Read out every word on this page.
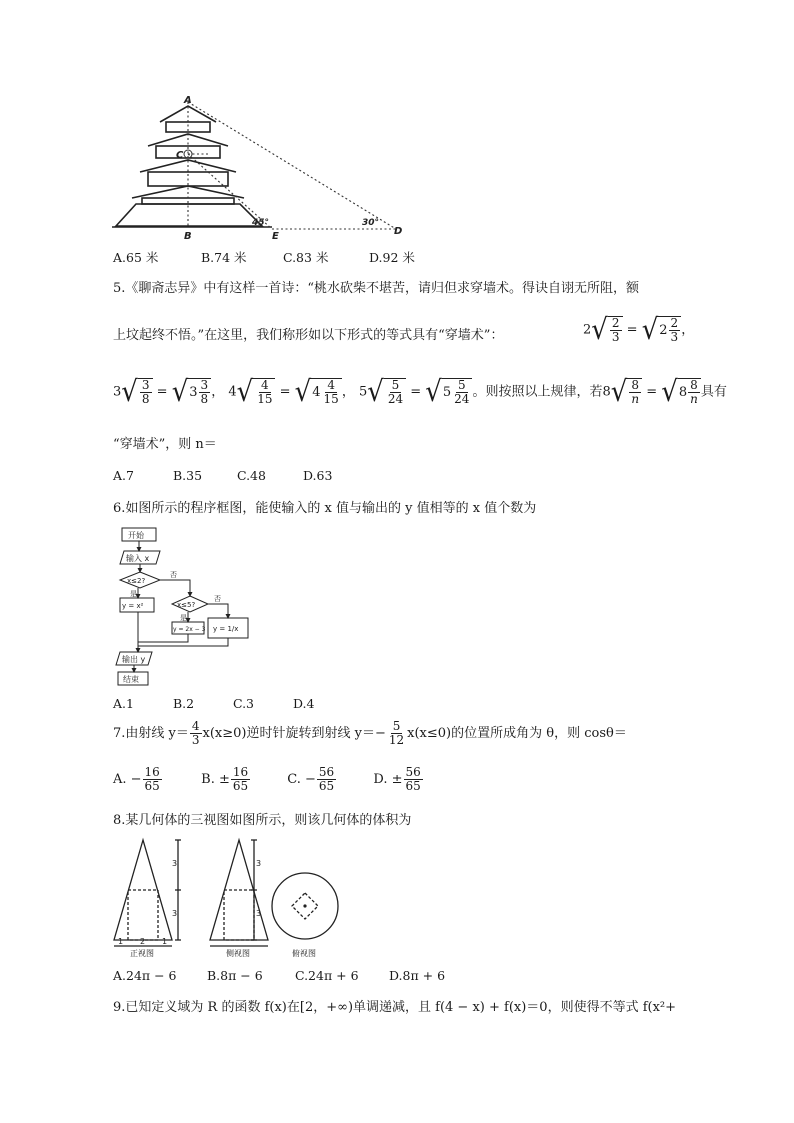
A
C
B	E	D
45°	30°
A.65 米	B.74 米	C.83 米	D.92 米
5.《聊斋志异》中有这样一首诗：“桃水砍柴不堪苦，请归但求穿墙术。得诀自诩无所阻，额
上坟起终不悟。”在这里，我们称形如以下形式的等式具有“穿墙术”：	2 √ $\frac{2}{3}$ = √ $2 \frac{2}{3}$ ，
3 √ $\frac{3}{8}$ = √ $3 \frac{3}{8}$ ， 4 √ $\frac{4}{15}$ = √ $4 \frac{4}{15}$ ， 5 √ $\frac{5}{24}$ = √ $5 \frac{5}{24}$ 。则按照以上规律，若8 √ $\frac{8}{n}$ = √ $8 \frac{8}{n}$ 具有
“穿墙术”，则 n＝
A.7	B.35	C.48	D.63
6.如图所示的程序框图，能使输入的 x 值与输出的 y 值相等的 x 值个数为
开始
输入 x
x≤2?
是
否
y = x²	x≤5?
是
否
y = 2x − 3 y = 1/x
输出 y
结束
A.1	B.2	C.3	D.4
7.由射线 $y= \frac{4}{3} x(x\ge 0)$逆时针旋转到射线 $y=- \frac{5}{12} x(x\le 0)$的位置所成角为 θ，则 cosθ＝
A. − $\frac{16}{65}$	B. ± $\frac{16}{65}$	C. − $\frac{56}{65}$	D. ± $\frac{56}{65}$
8.某几何体的三视图如图所示，则该几何体的体积为
3
3
1 2 1
3
3
正视图	侧视图	俯视图
A.24π − 6 B.8π − 6	C.24π + 6 D.8π + 6
9.已知定义域为 R 的函数 f(x)在[2，+∞)单调递减，且 f(4 − x) + f(x)＝0，则使得不等式 f(x²+
